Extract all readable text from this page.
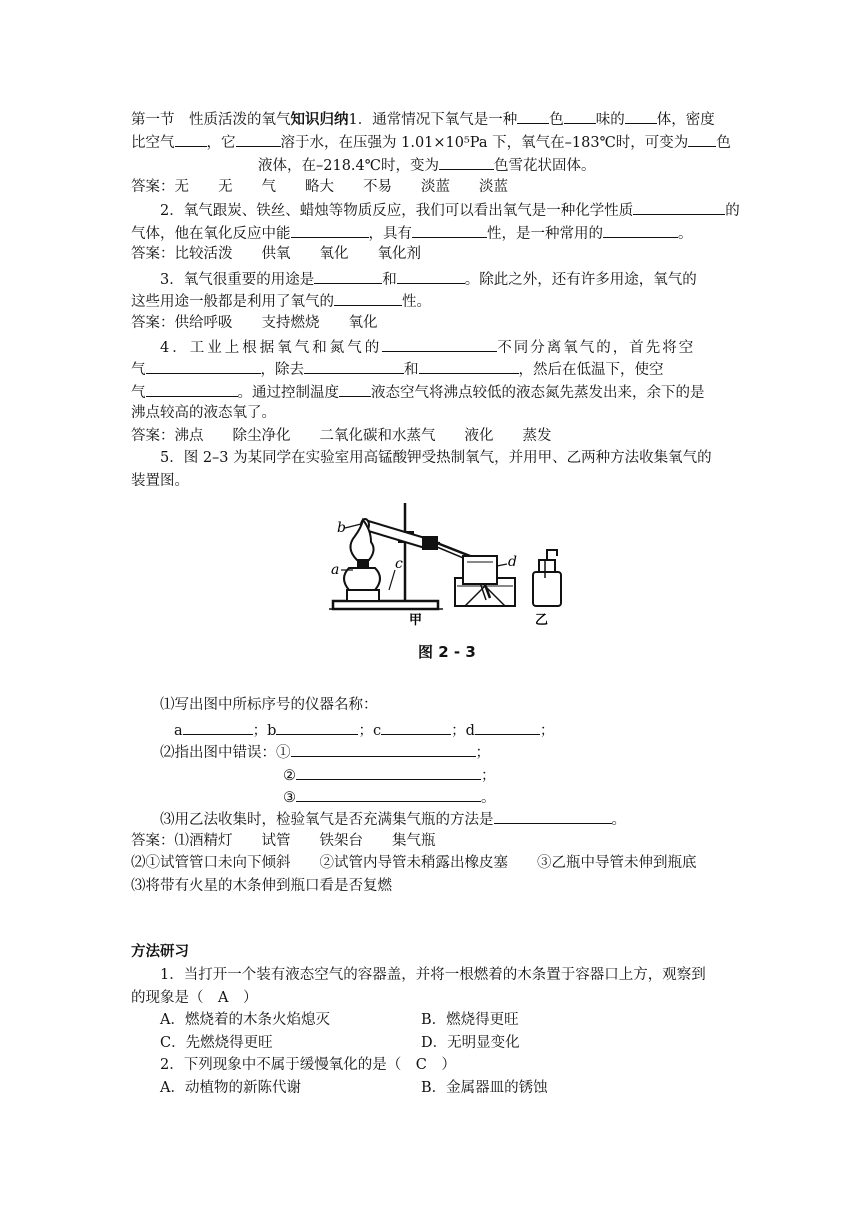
第一节　性质活泼的氧气知识归纳1．通常情况下氧气是一种 色 味的 体，密度
比空气 ，它	溶于水，在压强为 1.01×10⁵Pa 下，氧气在–183℃时，可变为 色
液体，在–218.4℃时，变为	色雪花状固体。
答案：无　　无　　气　　略大　　不易　　淡蓝　　淡蓝
2．氧气跟炭、铁丝、蜡烛等物质反应，我们可以看出氧气是一种化学性质	的
气体，他在氧化反应中能	，具有	性，是一种常用的	。
答案：比较活泼　　供氧　　氧化　　氧化剂
3．氧气很重要的用途是	和	。除此之外，还有许多用途，氧气的
这些用途一般都是利用了氧气的	性。
答案：供给呼吸　　支持燃烧　　氧化
4．工业上根据氧气和氮气的	不同分离氧气的，首先将空
气	，除去	和	，然后在低温下，使空
气	。通过控制温度 液态空气将沸点较低的液态氮先蒸发出来，余下的是
沸点较高的液态氧了。
答案：沸点　　除尘净化　　二氧化碳和水蒸气　　液化　　蒸发
5．图 2–3 为某同学在实验室用高锰酸钾受热制氧气，并用甲、乙两种方法收集氧气的
装置图。
b
a	c	d
甲	乙
图 2 - 3
⑴写出图中所标序号的仪器名称：
a	；b	；c	；d	；
⑵指出图中错误：①	；
②	；
③	。
⑶用乙法收集时，检验氧气是否充满集气瓶的方法是	。
答案：⑴酒精灯　　试管　　铁架台　　集气瓶
⑵①试管管口未向下倾斜　　②试管内导管未稍露出橡皮塞　　③乙瓶中导管未伸到瓶底
⑶将带有火星的木条伸到瓶口看是否复燃
方法研习
1．当打开一个装有液态空气的容器盖，并将一根燃着的木条置于容器口上方，观察到
的现象是（　A　）
A．燃烧着的木条火焰熄灭	B．燃烧得更旺
C．先燃烧得更旺	D．无明显变化
2．下列现象中不属于缓慢氧化的是（　C　）
A．动植物的新陈代谢	B．金属器皿的锈蚀
